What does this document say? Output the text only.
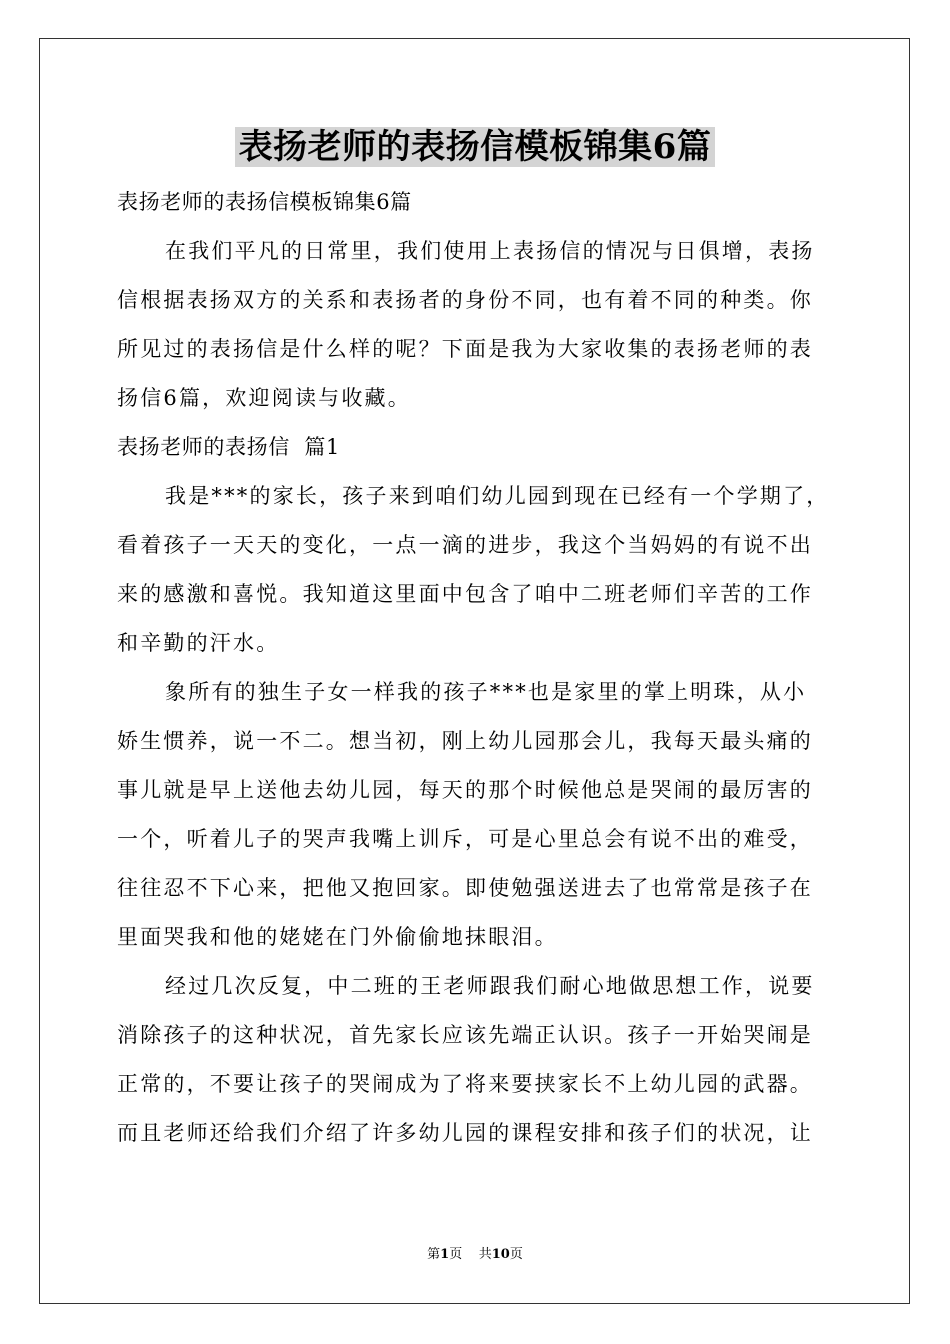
表扬老师的表扬信模板锦集6篇
表扬老师的表扬信模板锦集6篇
在我们平凡的日常里，我们使用上表扬信的情况与日俱增，表扬
信根据表扬双方的关系和表扬者的身份不同，也有着不同的种类。你
所见过的表扬信是什么样的呢？下面是我为大家收集的表扬老师的表
扬信6篇，欢迎阅读与收藏。
表扬老师的表扬信  篇1
我是***的家长，孩子来到咱们幼儿园到现在已经有一个学期了，
看着孩子一天天的变化，一点一滴的进步，我这个当妈妈的有说不出
来的感激和喜悦。我知道这里面中包含了咱中二班老师们辛苦的工作
和辛勤的汗水。
象所有的独生子女一样我的孩子***也是家里的掌上明珠，从小
娇生惯养，说一不二。想当初，刚上幼儿园那会儿，我每天最头痛的
事儿就是早上送他去幼儿园，每天的那个时候他总是哭闹的最厉害的
一个，听着儿子的哭声我嘴上训斥，可是心里总会有说不出的难受，
往往忍不下心来，把他又抱回家。即使勉强送进去了也常常是孩子在
里面哭我和他的姥姥在门外偷偷地抹眼泪。
经过几次反复，中二班的王老师跟我们耐心地做思想工作，说要
消除孩子的这种状况，首先家长应该先端正认识。孩子一开始哭闹是
正常的，不要让孩子的哭闹成为了将来要挟家长不上幼儿园的武器。
而且老师还给我们介绍了许多幼儿园的课程安排和孩子们的状况，让
第1页    共10页
